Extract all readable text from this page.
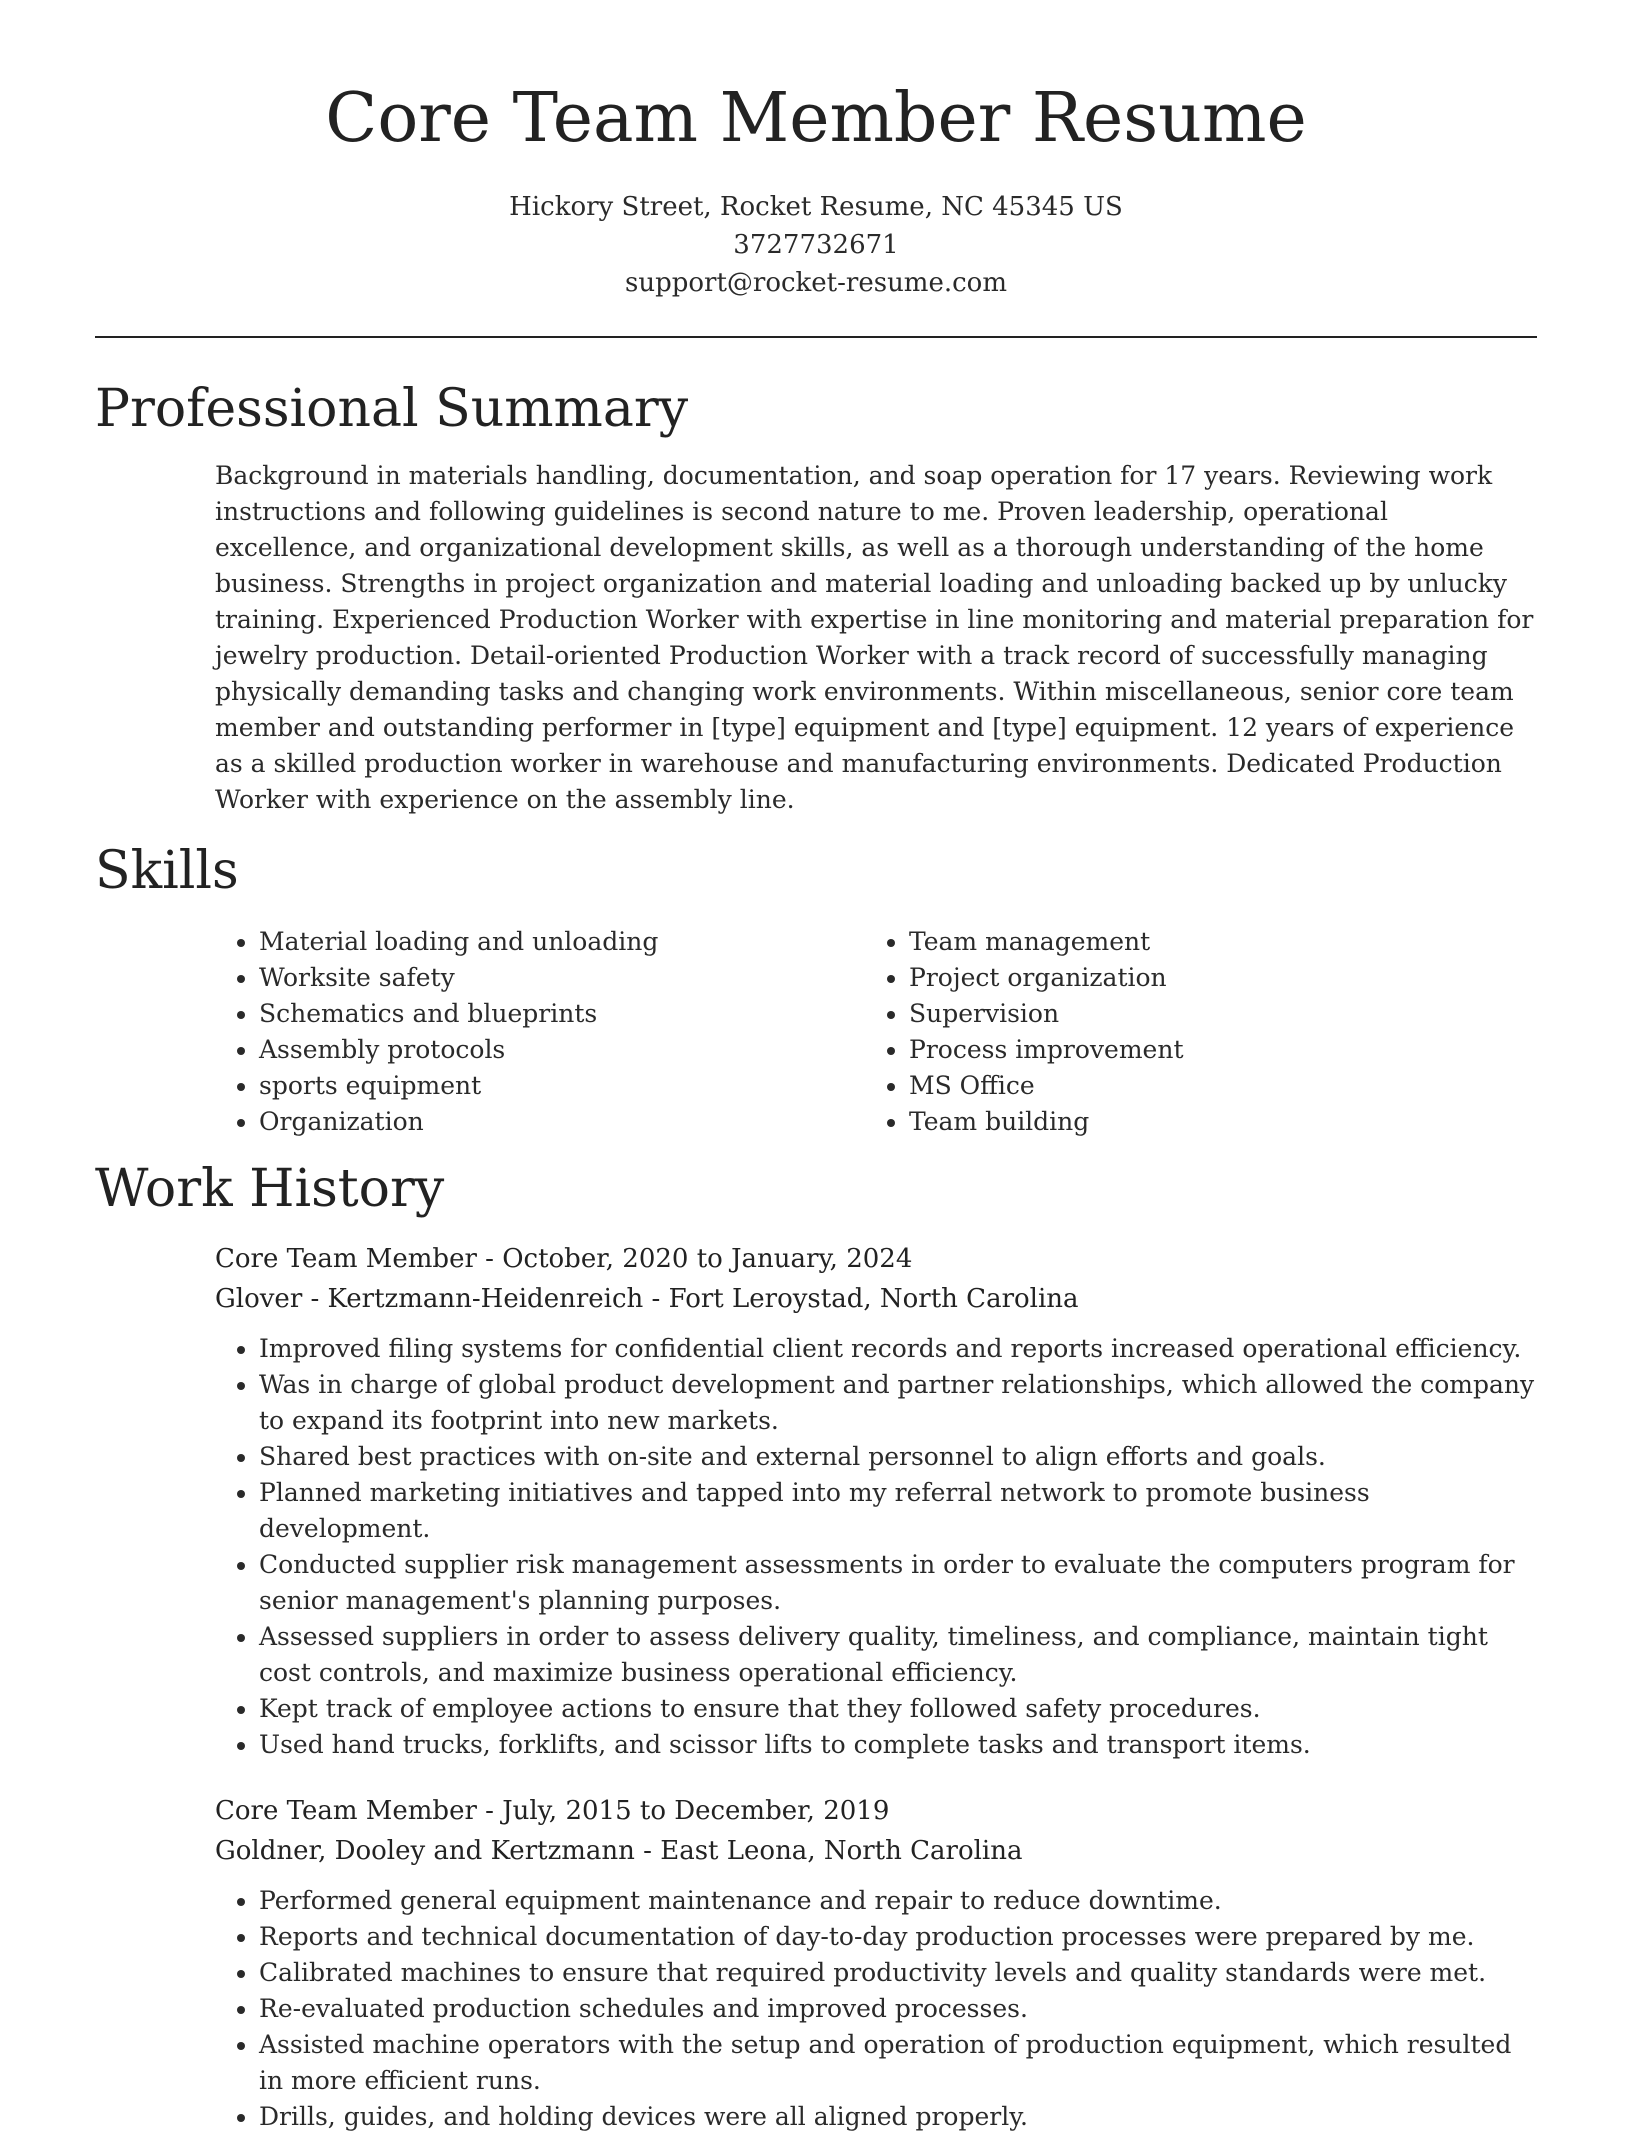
Core Team Member Resume
Hickory Street, Rocket Resume, NC 45345 US
3727732671
support@rocket-resume.com
Professional Summary

Background in materials handling, documentation, and soap operation for 17 years. Reviewing work instructions and following guidelines is second nature to me. Proven leadership, operational excellence, and organizational development skills, as well as a thorough understanding of the home business. Strengths in project organization and material loading and unloading backed up by unlucky training. Experienced Production Worker with expertise in line monitoring and material preparation for jewelry production. Detail-oriented Production Worker with a track record of successfully managing physically demanding tasks and changing work environments. Within miscellaneous, senior core team member and outstanding performer in [type] equipment and [type] equipment. 12 years of experience as a skilled production worker in warehouse and manufacturing environments. Dedicated Production Worker with experience on the assembly line.

Skills
• Material loading and unloading
• Worksite safety
• Schematics and blueprints
• Assembly protocols
• sports equipment
• Organization
• Team management
• Project organization
• Supervision
• Process improvement
• MS Office
• Team building
Work History
Core Team Member - October, 2020 to January, 2024
Glover - Kertzmann-Heidenreich - Fort Leroystad, North Carolina
• Improved filing systems for confidential client records and reports increased operational efficiency.
• Was in charge of global product development and partner relationships, which allowed the company to expand its footprint into new markets.
• Shared best practices with on-site and external personnel to align efforts and goals.
• Planned marketing initiatives and tapped into my referral network to promote business development.
• Conducted supplier risk management assessments in order to evaluate the computers program for senior management's planning purposes.
• Assessed suppliers in order to assess delivery quality, timeliness, and compliance, maintain tight cost controls, and maximize business operational efficiency.
• Kept track of employee actions to ensure that they followed safety procedures.
• Used hand trucks, forklifts, and scissor lifts to complete tasks and transport items.
Core Team Member - July, 2015 to December, 2019
Goldner, Dooley and Kertzmann - East Leona, North Carolina
• Performed general equipment maintenance and repair to reduce downtime.
• Reports and technical documentation of day-to-day production processes were prepared by me.
• Calibrated machines to ensure that required productivity levels and quality standards were met.
• Re-evaluated production schedules and improved processes.
• Assisted machine operators with the setup and operation of production equipment, which resulted in more efficient runs.
• Drills, guides, and holding devices were all aligned properly.
